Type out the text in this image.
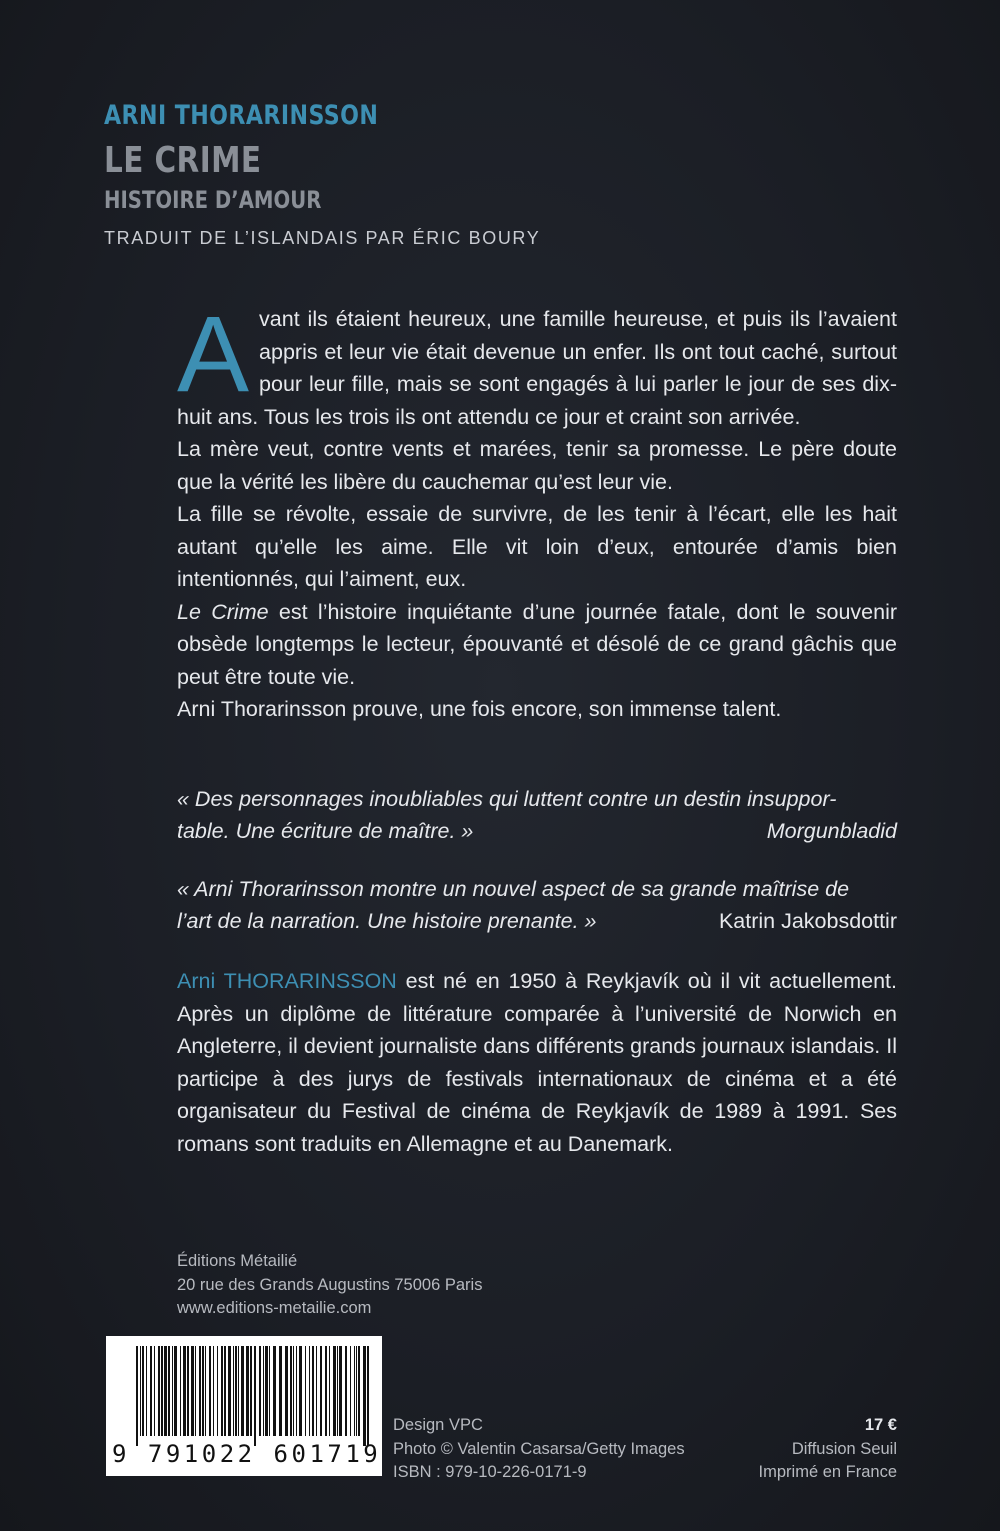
ARNI THORARINSSON
LE CRIME
HISTOIRE D’AMOUR
TRADUIT DE L’ISLANDAIS PAR ÉRIC BOURY

Avant ils étaient heureux, une famille heureuse, et puis ils l’avaient appris et leur vie était devenue un enfer. Ils ont tout caché, surtout pour leur fille, mais se sont engagés à lui parler le jour de ses dix-huit ans. Tous les trois ils ont attendu ce jour et craint son arrivée.

La mère veut, contre vents et marées, tenir sa promesse. Le père doute que la vérité les libère du cauchemar qu’est leur vie.

La fille se révolte, essaie de survivre, de les tenir à l’écart, elle les hait autant qu’elle les aime. Elle vit loin d’eux, entourée d’amis bien intentionnés, qui l’aiment, eux.

Le Crime est l’histoire inquiétante d’une journée fatale, dont le souvenir obsède longtemps le lecteur, épouvanté et désolé de ce grand gâchis que peut être toute vie.

Arni Thorarinsson prouve, une fois encore, son immense talent.

« Des personnages inoubliables qui luttent contre un destin insuppor-
table. Une écriture de maître. »	Morgunbladid
« Arni Thorarinsson montre un nouvel aspect de sa grande maîtrise de
l’art de la narration. Une histoire prenante. »	Katrin Jakobsdottir
Arni THORARINSSON est né en 1950 à Reykjavík où il vit actuellement. Après un diplôme de littérature comparée à l’université de Norwich en Angleterre, il devient journaliste dans différents grands journaux islandais. Il participe à des jurys de festivals internationaux de cinéma et a été organisateur du Festival de cinéma de Reykjavík de 1989 à 1991. Ses romans sont traduits en Allemagne et au Danemark.
Éditions Métailié
20 rue des Grands Augustins 75006 Paris
www.editions-metailie.com
9 791022 601719
Design VPC
Photo © Valentin Casarsa/Getty Images
ISBN : 979-10-226-0171-9
17 €
Diffusion Seuil
Imprimé en France
